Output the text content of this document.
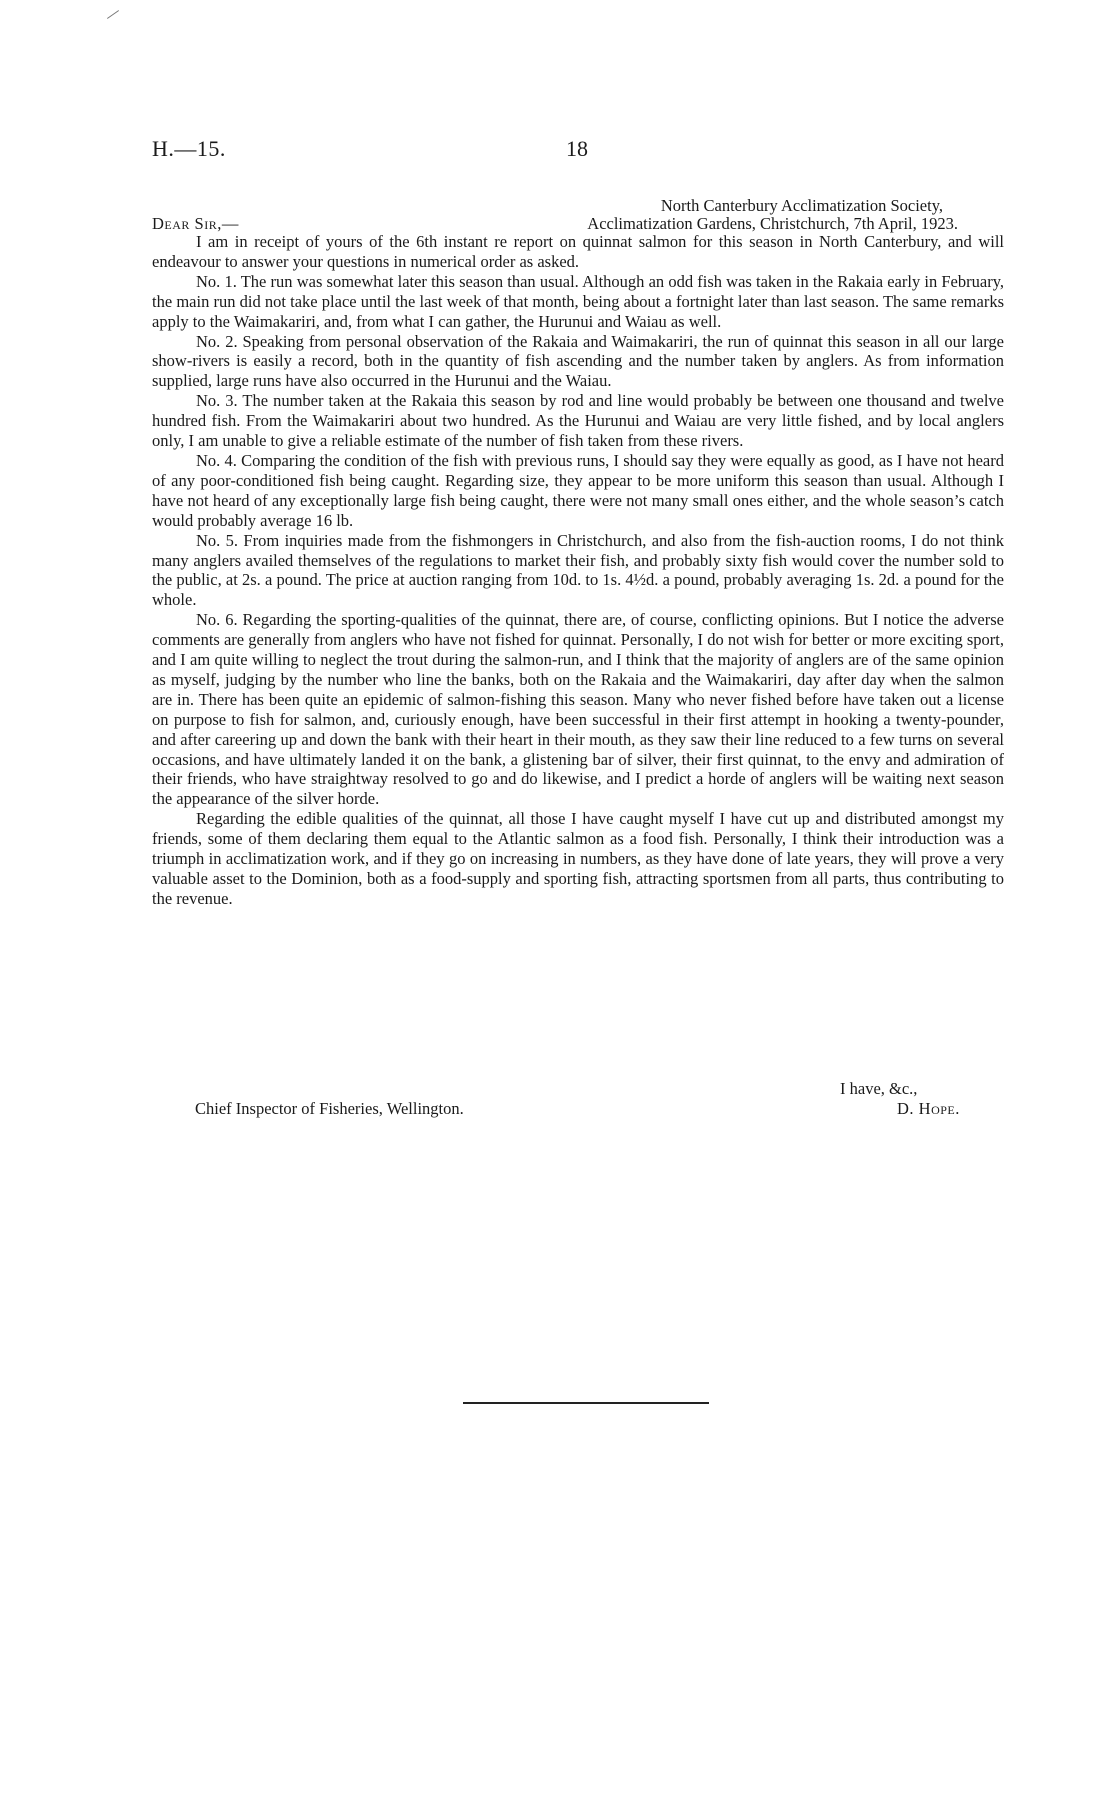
H.—15.	18
North Canterbury Acclimatization Society,
Acclimatization Gardens, Christchurch, 7th April, 1923.
Dear Sir,—

I am in receipt of yours of the 6th instant re report on quinnat salmon for this season in North Canterbury, and will endeavour to answer your questions in numerical order as asked.

No. 1. The run was somewhat later this season than usual. Although an odd fish was taken in the Rakaia early in February, the main run did not take place until the last week of that month, being about a fortnight later than last season. The same remarks apply to the Waimakariri, and, from what I can gather, the Hurunui and Waiau as well.

No. 2. Speaking from personal observation of the Rakaia and Waimakariri, the run of quinnat this season in all our large show-rivers is easily a record, both in the quantity of fish ascending and the number taken by anglers. As from information supplied, large runs have also occurred in the Hurunui and the Waiau.

No. 3. The number taken at the Rakaia this season by rod and line would probably be between one thousand and twelve hundred fish. From the Waimakariri about two hundred. As the Hurunui and Waiau are very little fished, and by local anglers only, I am unable to give a reliable estimate of the number of fish taken from these rivers.

No. 4. Comparing the condition of the fish with previous runs, I should say they were equally as good, as I have not heard of any poor-conditioned fish being caught. Regarding size, they appear to be more uniform this season than usual. Although I have not heard of any exceptionally large fish being caught, there were not many small ones either, and the whole season’s catch would probably average 16 lb.

No. 5. From inquiries made from the fishmongers in Christchurch, and also from the fish-auction rooms, I do not think many anglers availed themselves of the regulations to market their fish, and probably sixty fish would cover the number sold to the public, at 2s. a pound. The price at auction ranging from 10d. to 1s. 4½d. a pound, probably averaging 1s. 2d. a pound for the whole.

No. 6. Regarding the sporting-qualities of the quinnat, there are, of course, conflicting opinions. But I notice the adverse comments are generally from anglers who have not fished for quinnat. Personally, I do not wish for better or more exciting sport, and I am quite willing to neglect the trout during the salmon-run, and I think that the majority of anglers are of the same opinion as myself, judging by the number who line the banks, both on the Rakaia and the Waimakariri, day after day when the salmon are in. There has been quite an epidemic of salmon-fishing this season. Many who never fished before have taken out a license on purpose to fish for salmon, and, curiously enough, have been successful in their first attempt in hooking a twenty-pounder, and after careering up and down the bank with their heart in their mouth, as they saw their line reduced to a few turns on several occasions, and have ultimately landed it on the bank, a glistening bar of silver, their first quinnat, to the envy and admiration of their friends, who have straightway resolved to go and do likewise, and I predict a horde of anglers will be waiting next season the appearance of the silver horde.

Regarding the edible qualities of the quinnat, all those I have caught myself I have cut up and distributed amongst my friends, some of them declaring them equal to the Atlantic salmon as a food fish. Personally, I think their introduction was a triumph in acclimatization work, and if they go on increasing in numbers, as they have done of late years, they will prove a very valuable asset to the Dominion, both as a food-supply and sporting fish, attracting sportsmen from all parts, thus contributing to the revenue.

I have, &c.,
D. Hope.
Chief Inspector of Fisheries, Wellington.
